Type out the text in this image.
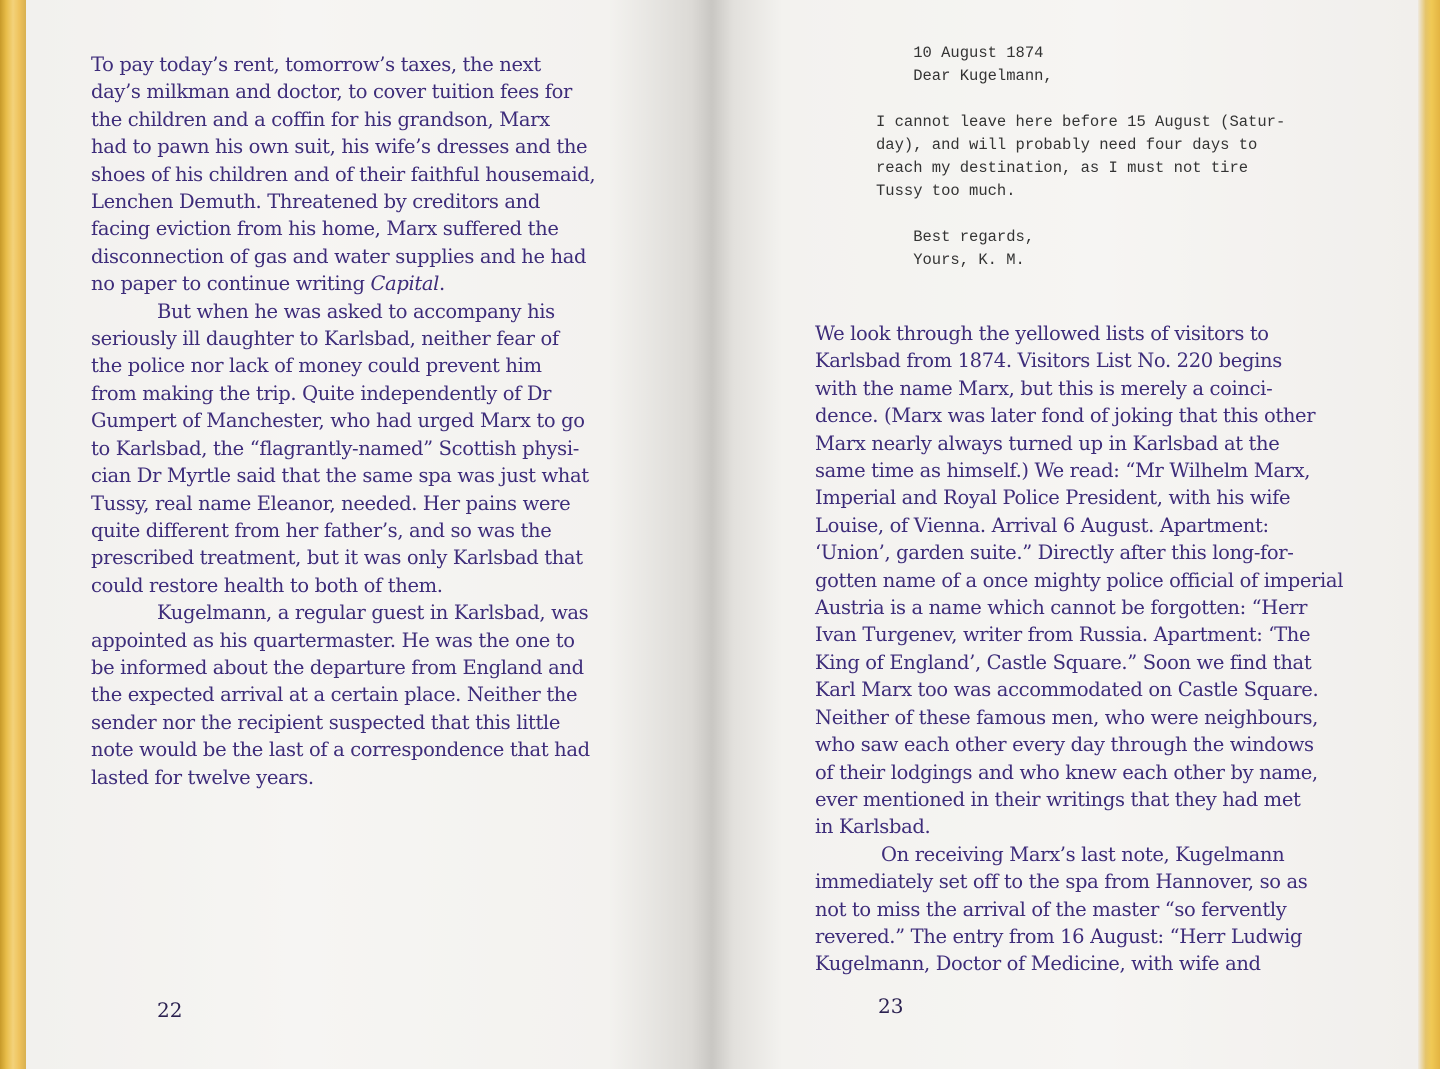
To pay today’s rent, tomorrow’s taxes, the next
day’s milkman and doctor, to cover tuition fees for
the children and a coffin for his grandson, Marx
had to pawn his own suit, his wife’s dresses and the
shoes of his children and of their faithful housemaid,
Lenchen Demuth. Threatened by creditors and
facing eviction from his home, Marx suffered the
disconnection of gas and water supplies and he had
no paper to continue writing Capital.
But when he was asked to accompany his
seriously ill daughter to Karlsbad, neither fear of
the police nor lack of money could prevent him
from making the trip. Quite independently of Dr
Gumpert of Manchester, who had urged Marx to go
to Karlsbad, the “flagrantly-named” Scottish physi-
cian Dr Myrtle said that the same spa was just what
Tussy, real name Eleanor, needed. Her pains were
quite different from her father’s, and so was the
prescribed treatment, but it was only Karlsbad that
could restore health to both of them.
Kugelmann, a regular guest in Karlsbad, was
appointed as his quartermaster. He was the one to
be informed about the departure from England and
the expected arrival at a certain place. Neither the
sender nor the recipient suspected that this little
note would be the last of a correspondence that had
lasted for twelve years.
22
10 August 1874
Dear Kugelmann,

I cannot leave here before 15 August (Satur-
day), and will probably need four days to
reach my destination, as I must not tire
Tussy too much.

Best regards,
Yours, K. M.
We look through the yellowed lists of visitors to
Karlsbad from 1874. Visitors List No. 220 begins
with the name Marx, but this is merely a coinci-
dence. (Marx was later fond of joking that this other
Marx nearly always turned up in Karlsbad at the
same time as himself.) We read: “Mr Wilhelm Marx,
Imperial and Royal Police President, with his wife
Louise, of Vienna. Arrival 6 August. Apartment:
‘Union’, garden suite.” Directly after this long-for-
gotten name of a once mighty police official of imperial
Austria is a name which cannot be forgotten: “Herr
Ivan Turgenev, writer from Russia. Apartment: ‘The
King of England’, Castle Square.” Soon we find that
Karl Marx too was accommodated on Castle Square.
Neither of these famous men, who were neighbours,
who saw each other every day through the windows
of their lodgings and who knew each other by name,
ever mentioned in their writings that they had met
in Karlsbad.
On receiving Marx’s last note, Kugelmann
immediately set off to the spa from Hannover, so as
not to miss the arrival of the master “so fervently
revered.” The entry from 16 August: “Herr Ludwig
Kugelmann, Doctor of Medicine, with wife and
23
